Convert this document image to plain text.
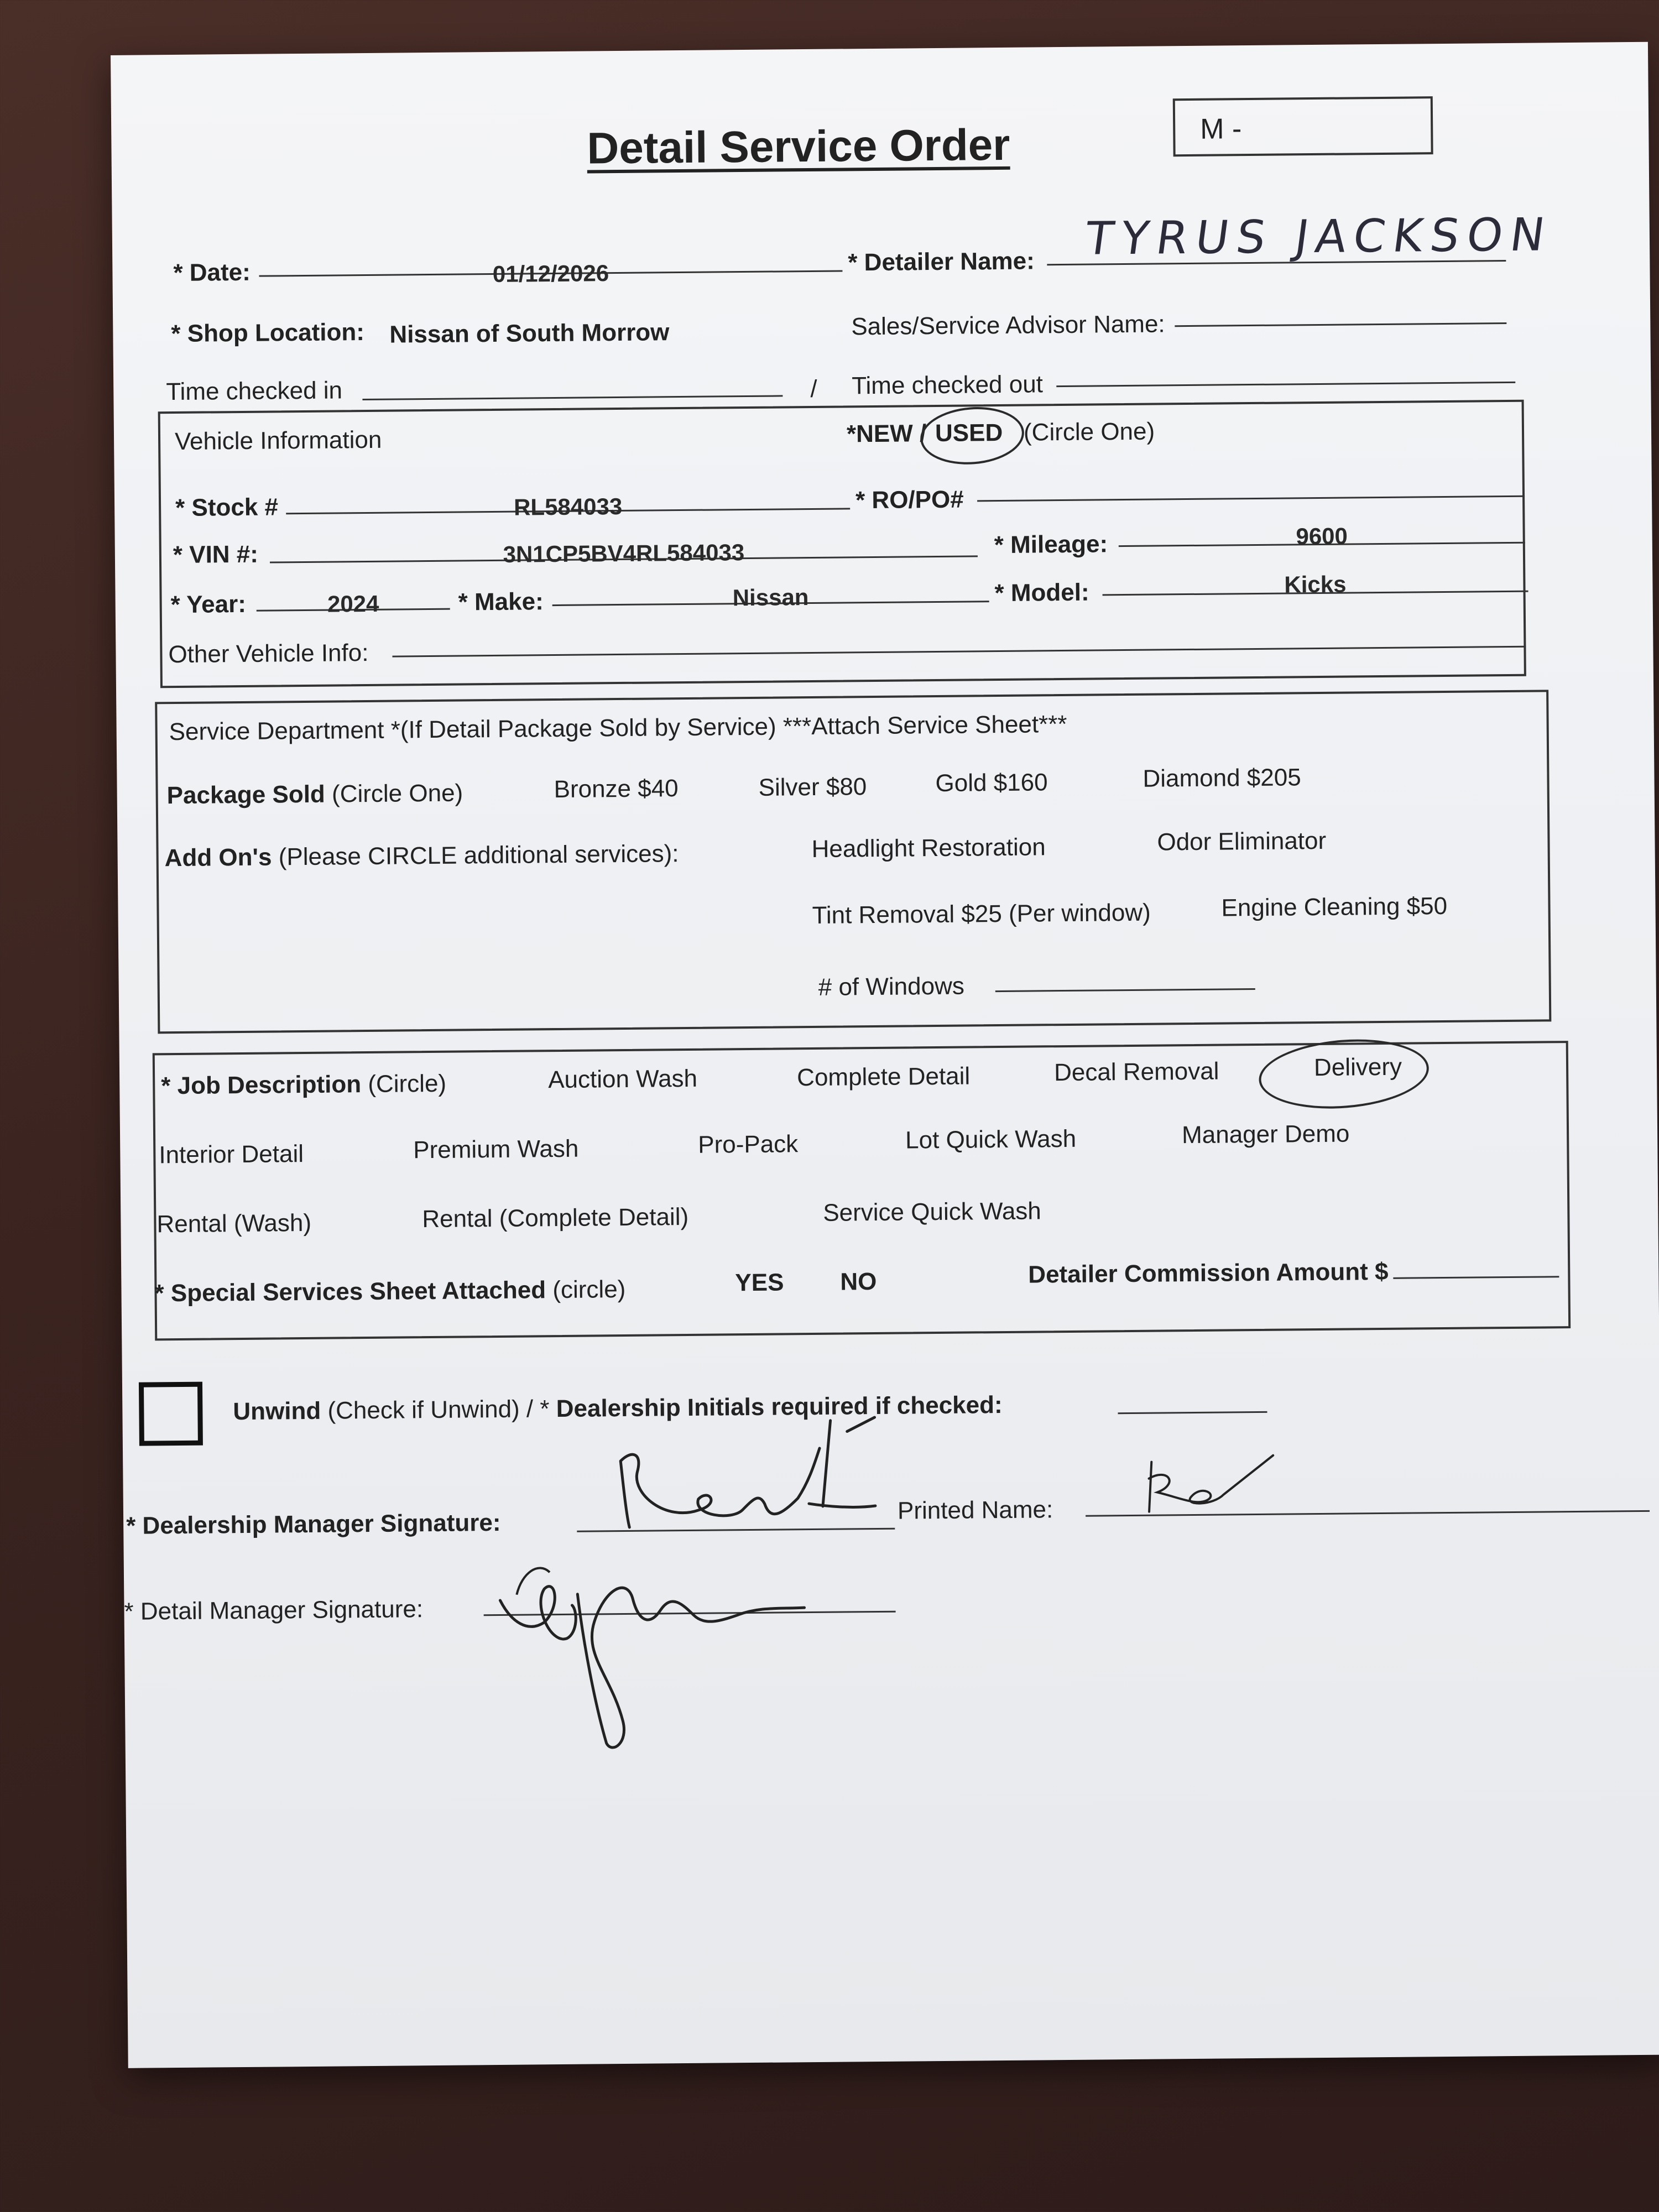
Detail Service Order	M -
* Date:	01/12/2026	* Detailer Name: TYRUS JACKSON
* Shop Location: Nissan of South Morrow	Sales/Service Advisor Name:
Time checked in	/ Time checked out
Vehicle Information	*NEW / USED (Circle One)
* Stock #	RL584033	* RO/PO#
* VIN #:	3N1CP5BV4RL584033	* Mileage:	9600
* Year:	2024	* Make:	Nissan	* Model:	Kicks
Other Vehicle Info:
Service Department *(If Detail Package Sold by Service) ***Attach Service Sheet***
Package Sold (Circle One)	Bronze $40	Silver $80	Gold $160	Diamond $205
Add On's (Please CIRCLE additional services):	Headlight Restoration	Odor Eliminator
Tint Removal $25 (Per window)	Engine Cleaning $50
# of Windows
* Job Description (Circle)	Auction Wash	Complete Detail	Decal Removal	Delivery
Interior Detail	Premium Wash	Pro-Pack	Lot Quick Wash	Manager Demo
Rental (Wash)	Rental (Complete Detail)	Service Quick Wash
* Special Services Sheet Attached (circle)	YES NO	Detailer Commission Amount $
Unwind (Check if Unwind) / * Dealership Initials required if checked:
* Dealership Manager Signature:	Printed Name:
* Detail Manager Signature:
